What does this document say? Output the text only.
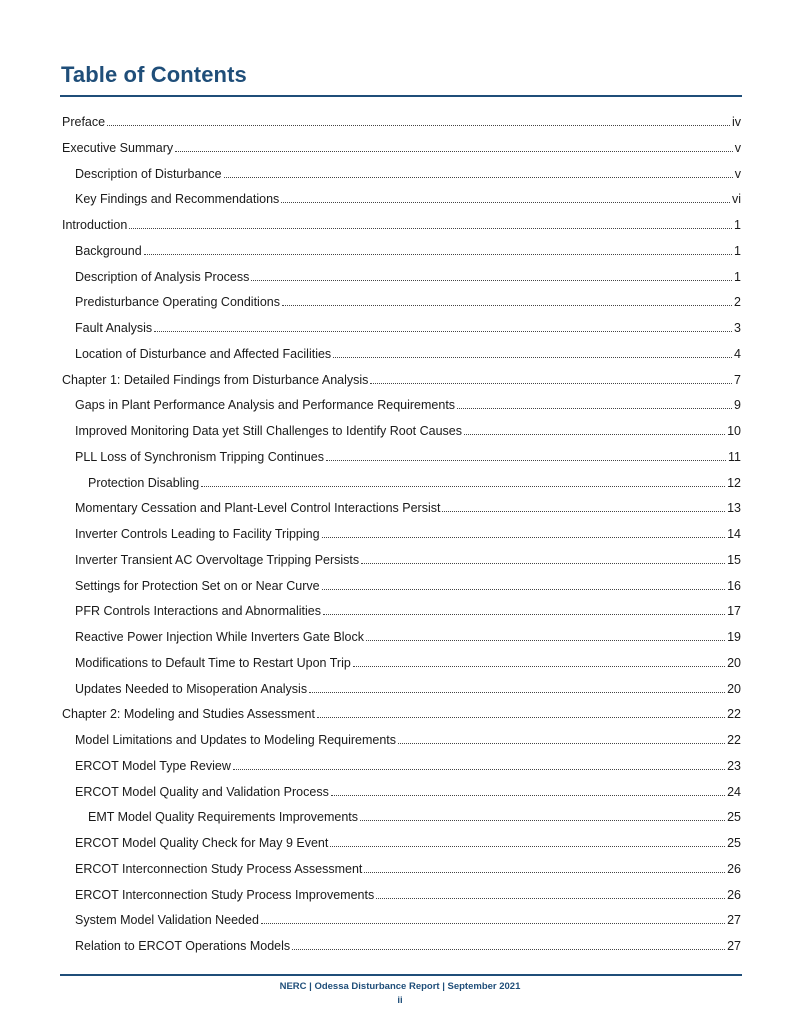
Table of Contents
Preface	iv
Executive Summary	v
Description of Disturbance	v
Key Findings and Recommendations	vi
Introduction	1
Background	1
Description of Analysis Process	1
Predisturbance Operating Conditions	2
Fault Analysis	3
Location of Disturbance and Affected Facilities	4
Chapter 1: Detailed Findings from Disturbance Analysis	7
Gaps in Plant Performance Analysis and Performance Requirements	9
Improved Monitoring Data yet Still Challenges to Identify Root Causes	10
PLL Loss of Synchronism Tripping Continues	11
Protection Disabling	12
Momentary Cessation and Plant-Level Control Interactions Persist	13
Inverter Controls Leading to Facility Tripping	14
Inverter Transient AC Overvoltage Tripping Persists	15
Settings for Protection Set on or Near Curve	16
PFR Controls Interactions and Abnormalities	17
Reactive Power Injection While Inverters Gate Block	19
Modifications to Default Time to Restart Upon Trip	20
Updates Needed to Misoperation Analysis	20
Chapter 2: Modeling and Studies Assessment	22
Model Limitations and Updates to Modeling Requirements	22
ERCOT Model Type Review	23
ERCOT Model Quality and Validation Process	24
EMT Model Quality Requirements Improvements	25
ERCOT Model Quality Check for May 9 Event	25
ERCOT Interconnection Study Process Assessment	26
ERCOT Interconnection Study Process Improvements	26
System Model Validation Needed	27
Relation to ERCOT Operations Models	27
NERC | Odessa Disturbance Report | September 2021
ii
